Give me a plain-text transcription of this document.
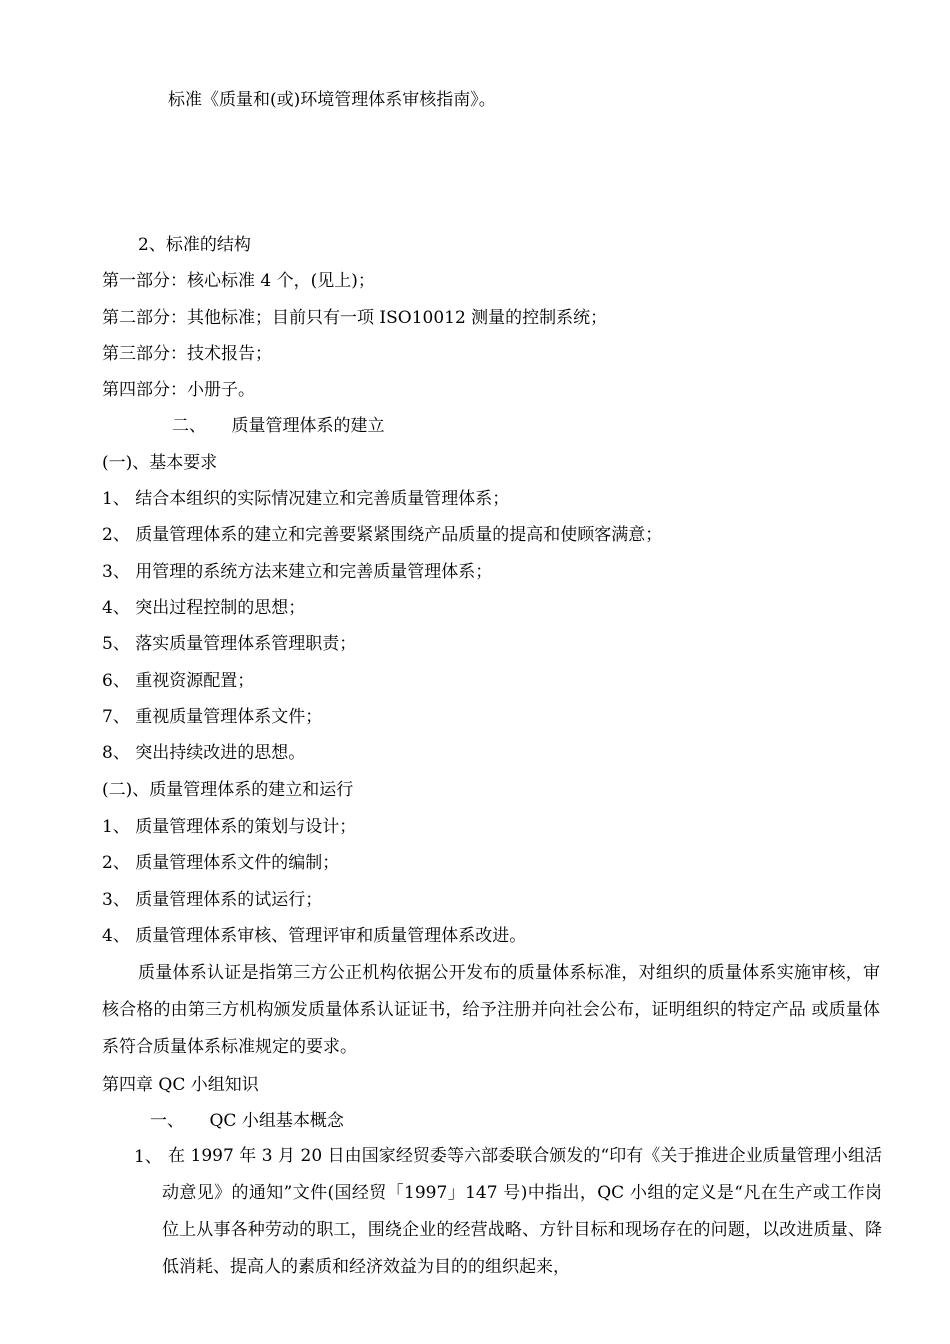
标准《质量和(或)环境管理体系审核指南》。
2、标准的结构
第一部分：核心标准 4 个，(见上)；
第二部分：其他标准；目前只有一项 ISO10012 测量的控制系统；
第三部分：技术报告；
第四部分：小册子。
二、　　质量管理体系的建立
(一)、基本要求
1、 结合本组织的实际情况建立和完善质量管理体系；
2、 质量管理体系的建立和完善要紧紧围绕产品质量的提高和使顾客满意；
3、 用管理的系统方法来建立和完善质量管理体系；
4、 突出过程控制的思想；
5、 落实质量管理体系管理职责；
6、 重视资源配置；
7、 重视质量管理体系文件；
8、 突出持续改进的思想。
(二)、质量管理体系的建立和运行
1、 质量管理体系的策划与设计；
2、 质量管理体系文件的编制；
3、 质量管理体系的试运行；
4、 质量管理体系审核、管理评审和质量管理体系改进。
质量体系认证是指第三方公正机构依据公开发布的质量体系标准，对组织的质量体系实施审核，审核合格的由第三方机构颁发质量体系认证证书，给予注册并向社会公布，证明组织的特定产品 或质量体系符合质量体系标准规定的要求。
第四章 QC 小组知识
一、　　QC 小组基本概念
1、 在 1997 年 3 月 20 日由国家经贸委等六部委联合颁发的“印有《关于推进企业质量管理小组活动意见》的通知”文件(国经贸「1997」147 号)中指出，QC 小组的定义是“凡在生产或工作岗位上从事各种劳动的职工，围绕企业的经营战略、方针目标和现场存在的问题，以改进质量、降低消耗、提高人的素质和经济效益为目的的组织起来，
